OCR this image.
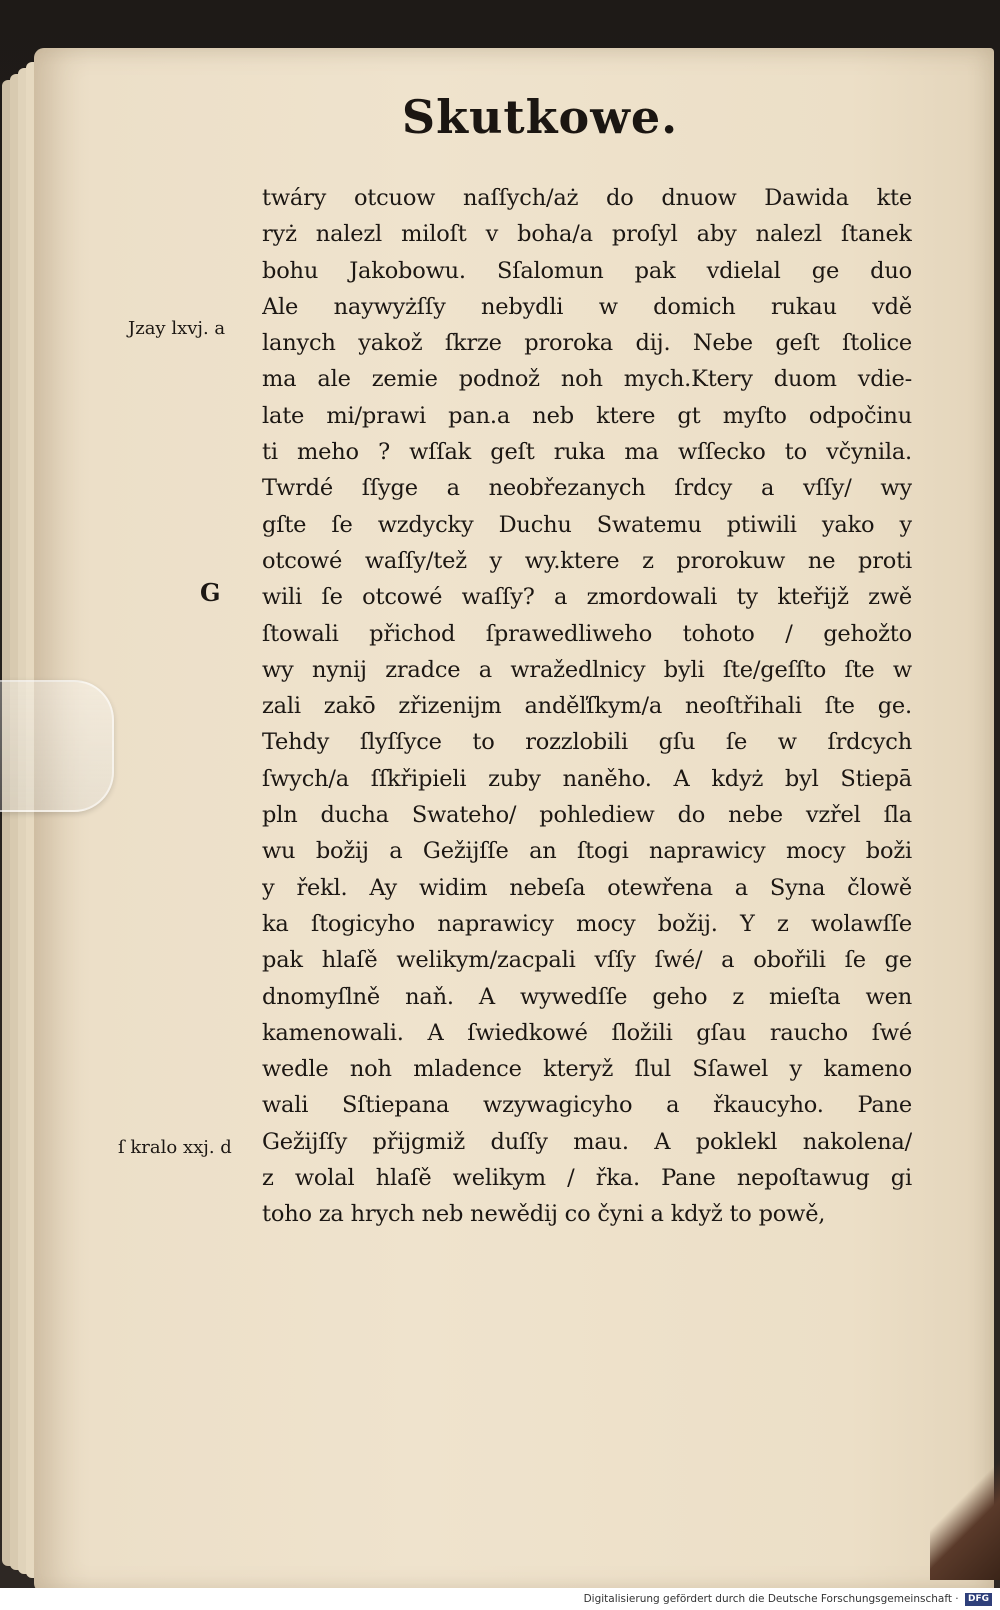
Skutkowe.
twáry otcuow naſſych/aż do dnuow Dawida kte
ryż nalezl miloſt v boha/a proſyl aby nalezl ſtanek
bohu Jakobowu. Sſalomun pak vdielal ge duo
Ale naywyżſſy nebydli w domich rukau vdě
lanych yakož ſkrze proroka dij. Nebe geſt ſtolice
ma ale zemie podnož noh mych.Ktery duom vdie-
late mi/prawi pan.a neb ktere gt myſto odpočinu
ti meho ? wſſak geſt ruka ma wſſecko to včynila.
Twrdé ſſyge a neobřezanych ſrdcy a vſſy/ wy
gſte ſe wzdycky Duchu Swatemu ptiwili yako y
otcowé waſſy/tež y wy.ktere z prorokuw ne proti
wili ſe otcowé waſſy? a zmordowali ty kteřijž zwě
ſtowali přichod ſprawedliweho tohoto / gehožto
wy nynij zradce a wražedlnicy byli ſte/geſſto ſte w
zali zakō zřizenijm anděľſkym/a neoſtřihali ſte ge.
Tehdy ſlyſſyce to rozzlobili gſu ſe w ſrdcych
ſwych/a ſſkřipieli zuby naněho. A kdyż byl Stiepā
pln ducha Swateho/ pohlediew do nebe vzřel ſla
wu božij a Gežijſſe an ſtogi naprawicy mocy boži
y řekl. Ay widim nebeſa otewřena a Syna člowě
ka ſtogicyho naprawicy mocy božij. Y z wolawſſe
pak hlaſě welikym/zacpali vſſy ſwé/ a obořili ſe ge
dnomyſlně naň. A wywedſſe geho z mieſta wen
kamenowali. A ſwiedkowé ſložili gſau raucho ſwé
wedle noh mladence kteryž ſlul Sſawel y kameno
wali Sſtiepana wzywagicyho a řkaucyho. Pane
Gežijſſy přijgmiž duſſy mau. A poklekl nakolena/
z wolal hlaſě welikym / řka. Pane nepoſtawug gi
toho za hrych neb newědij co čyni a když to powě,
Jzay lxvj. a
G
ſ kralo xxj. d
Digitalisierung gefördert durch die Deutsche Forschungsgemeinschaft · DFG
